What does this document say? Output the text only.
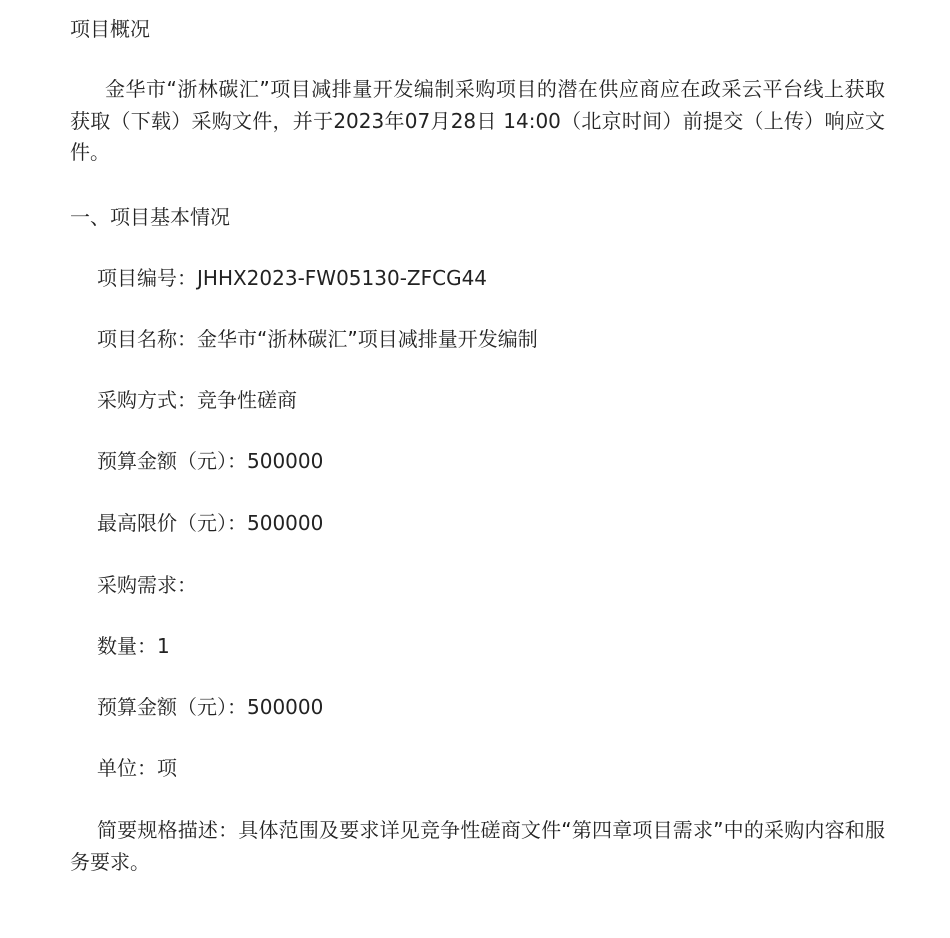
项目概况
金华市“浙林碳汇”项目减排量开发编制采购项目的潜在供应商应在政采云平台线上获取获取（下载）采购文件，并于2023年07月28日 14:00（北京时间）前提交（上传）响应文件。
一、项目基本情况
项目编号：JHHX2023-FW05130-ZFCG44
项目名称：金华市“浙林碳汇”项目减排量开发编制
采购方式：竞争性磋商
预算金额（元）：500000
最高限价（元）：500000
采购需求：
数量：1
预算金额（元）：500000
单位：项
简要规格描述：具体范围及要求详见竞争性磋商文件“第四章项目需求”中的采购内容和服务要求。
